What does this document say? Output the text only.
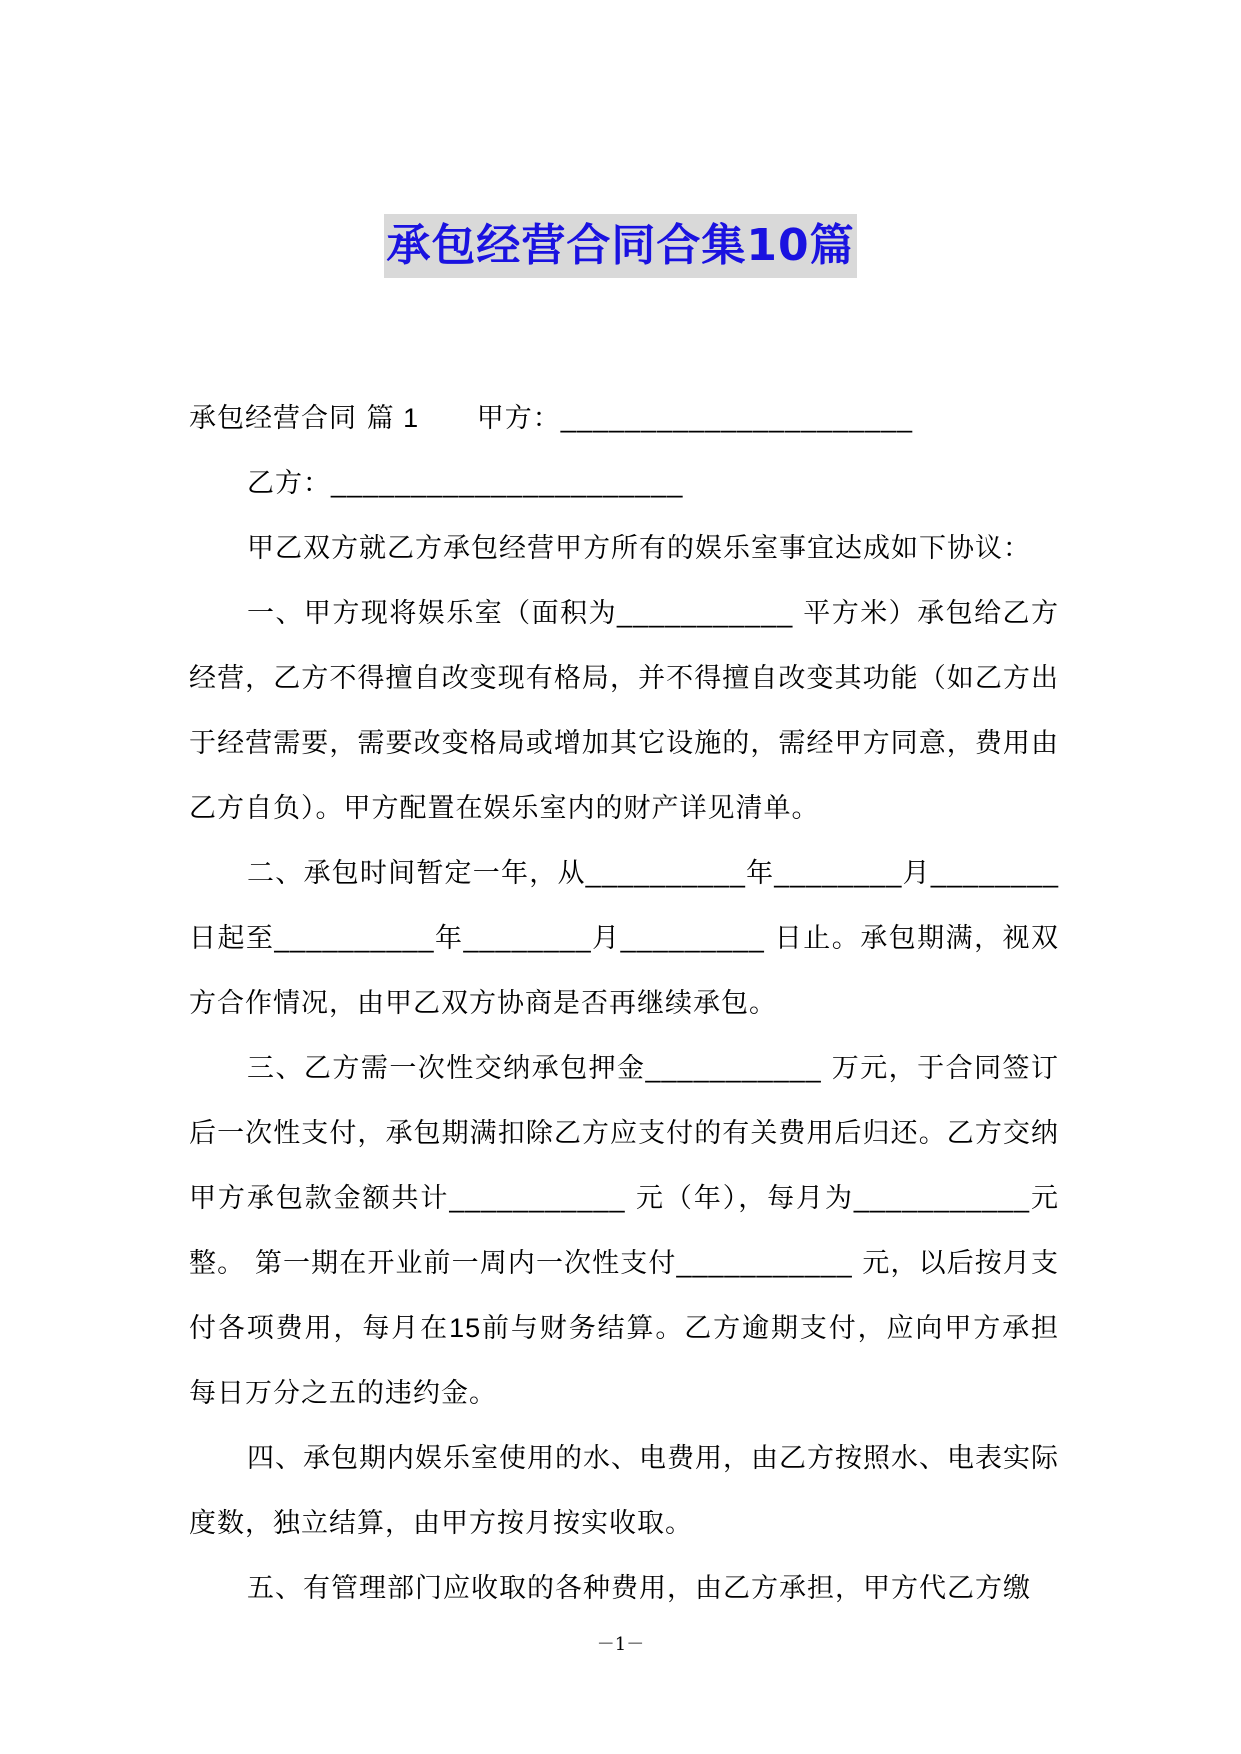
承包经营合同合集10篇

承包经营合同 篇 1 甲方：______________________

乙方：______________________

甲乙双方就乙方承包经营甲方所有的娱乐室事宜达成如下协议：

一、甲方现将娱乐室（面积为___________ 平方米）承包给乙方经营，乙方不得擅自改变现有格局，并不得擅自改变其功能（如乙方出于经营需要，需要改变格局或增加其它设施的，需经甲方同意，费用由乙方自负）。甲方配置在娱乐室内的财产详见清单。

二、承包时间暂定一年，从__________年________月________日起至__________年________月_________ 日止。承包期满，视双方合作情况，由甲乙双方协商是否再继续承包。

三、乙方需一次性交纳承包押金___________ 万元，于合同签订后一次性支付，承包期满扣除乙方应支付的有关费用后归还。乙方交纳甲方承包款金额共计___________ 元（年），每月为___________元整。 第一期在开业前一周内一次性支付___________ 元，以后按月支付各项费用，每月在15前与财务结算。乙方逾期支付，应向甲方承担每日万分之五的违约金。

四、承包期内娱乐室使用的水、电费用，由乙方按照水、电表实际度数，独立结算，由甲方按月按实收取。

五、有管理部门应收取的各种费用，由乙方承担，甲方代乙方缴

－1－
